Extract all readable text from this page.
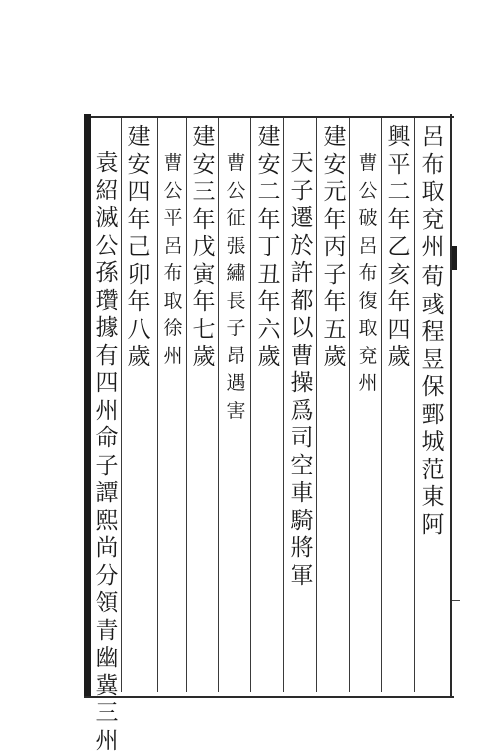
呂布取兗州
荀彧程昱保鄄城范東阿
興平二年乙亥年四歲
曹公破呂布復取兗州
建安元年丙子年五歲
天子遷於許都以曹操爲司空車騎將軍
建安二年丁丑年六歲
曹公征張繡長子昂遇害
建安三年戊寅年七歲
曹公平呂布取徐州
建安四年己卯年八歲
袁紹滅公孫瓚據有四州命子譚熙尚分領青幽冀三州
